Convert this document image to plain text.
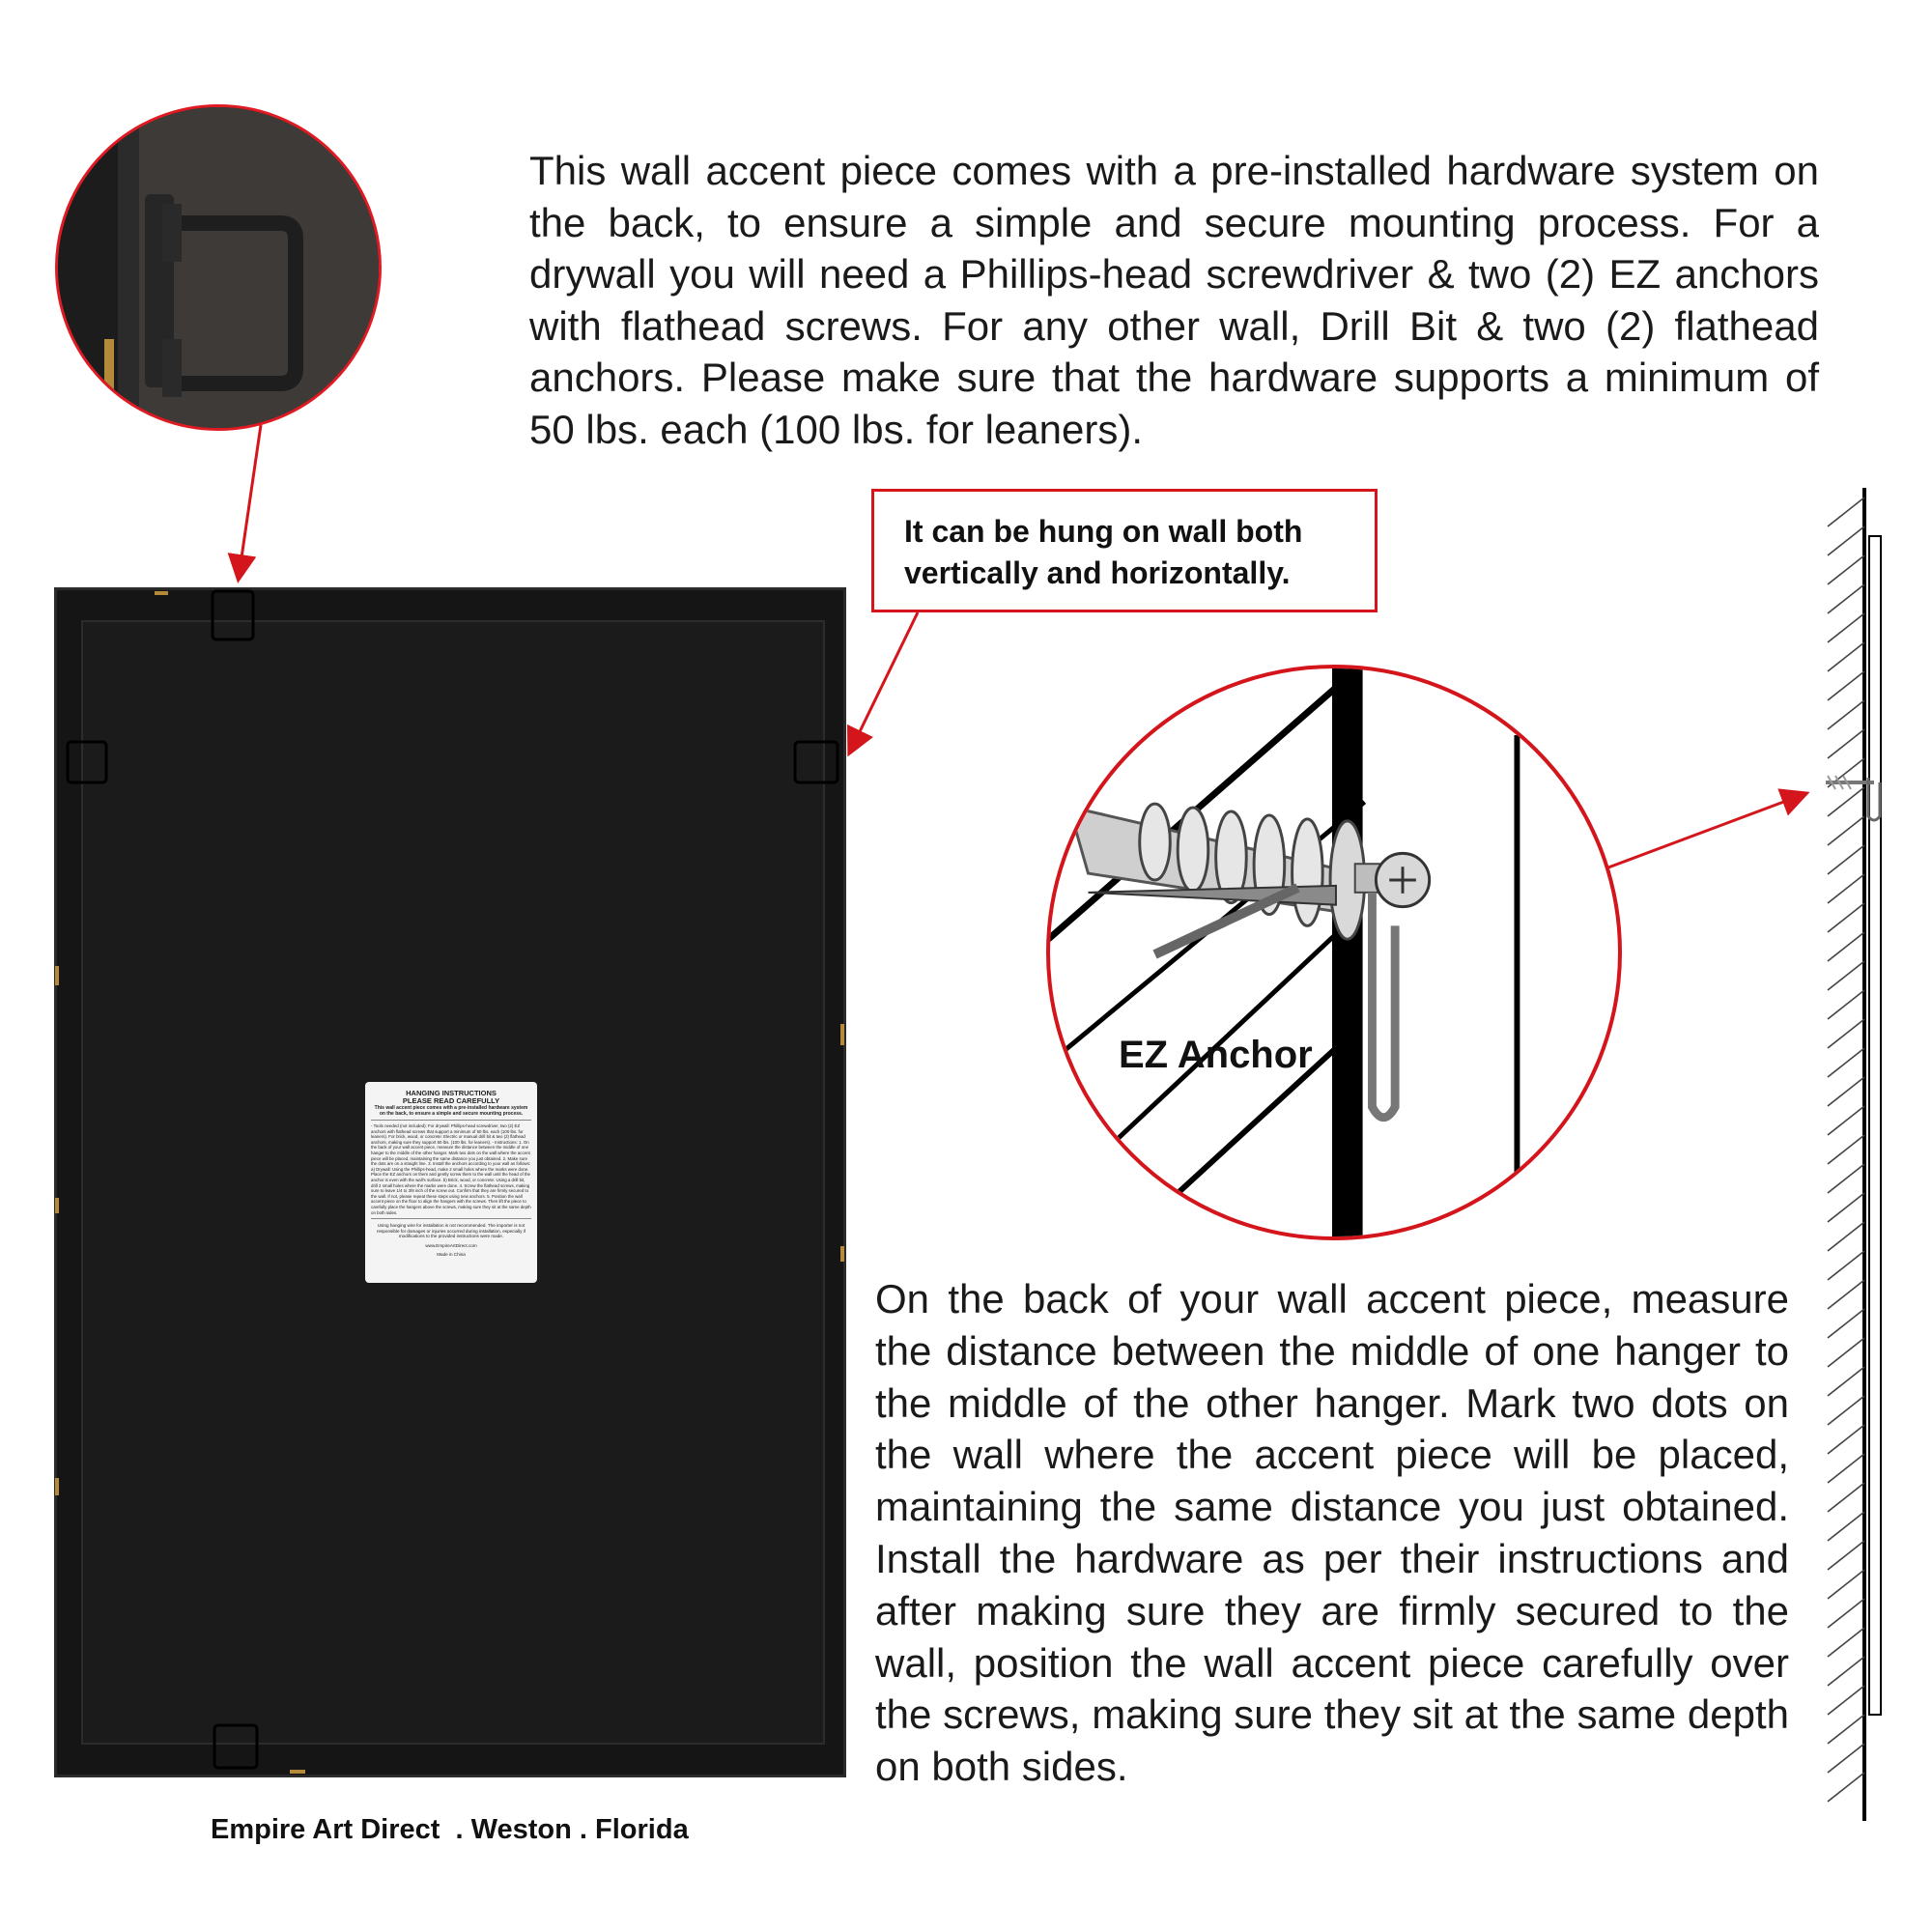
This wall accent piece comes with a pre-installed hardware system on the back, to ensure a simple and secure mounting process. For a drywall you will need a Phillips-head screwdriver & two (2) EZ anchors with flathead screws. For any other wall, Drill Bit & two (2) flathead anchors. Please make sure that the hardware supports a minimum of 50 lbs. each (100 lbs. for leaners).
It can be hung on wall both
vertically and horizontally.
HANGING INSTRUCTIONS
PLEASE READ CAREFULLY
This wall accent piece comes with a pre-installed hardware system on the back, to ensure a simple and secure mounting process.
- Tools needed (not included): For drywall: Phillips-head screwdriver, two (2) EZ anchors with flathead screws that support a minimum of 50 lbs. each (100 lbs. for leaners). For brick, wood, or concrete: Electric or manual drill bit & two (2) flathead anchors, making sure they support 50 lbs. (100 lbs. for leaners). - Instructions: 1. On the back of your wall accent piece, measure the distance between the middle of one hanger to the middle of the other hanger. Mark two dots on the wall where the accent piece will be placed, maintaining the same distance you just obtained. 2. Make sure the dots are on a straight line. 3. Install the anchors according to your wall as follows: a) Drywall: Using the Phillips-head, make 2 small holes where the marks were done. Place the EZ anchors on them and gently screw them to the wall until the head of the anchor is even with the wall's surface. b) Brick, wood, or concrete: Using a drill bit, drill 2 small holes where the marks were done. 4. Screw the flathead screws, making sure to leave 1/4 to 3/8 inch of the screw out. Confirm that they are firmly secured to the wall. If not, please repeat these steps using new anchors. 5. Position the wall accent piece on the floor to align the hangers with the screws. Then lift the piece to carefully place the hangers above the screws, making sure they sit at the same depth on both sides.
Using hanging wire for installation is not recommended. The importer is not responsible for damages or injuries occurred during installation, especially if modifications to the provided instructions were made.
www.EmpireArtDirect.com
Made in China
EZ Anchor
On the back of your wall accent piece, measure the distance between the middle of one hanger to the middle of the other hanger. Mark two dots on the wall where the accent piece will be placed, maintaining the same distance you just obtained. Install the hardware as per their instructions and after making sure they are firmly secured to the wall, position the wall accent piece carefully over the screws, making sure they sit at the same depth on both sides.
Empire Art Direct  . Weston . Florida
